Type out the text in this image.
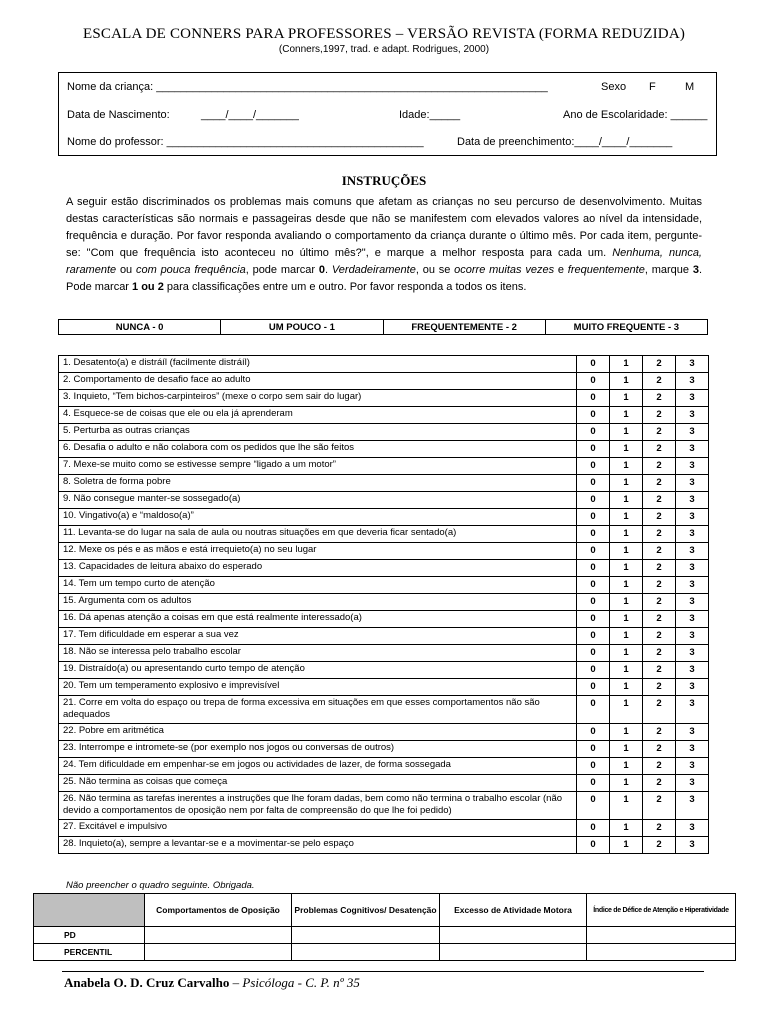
ESCALA DE CONNERS PARA PROFESSORES – VERSÃO REVISTA (FORMA REDUZIDA)
(Conners,1997, trad. e adapt. Rodrigues, 2000)
Nome da criança: ________________________________________________________________	Sexo F	M
Data de Nascimento:	____/____/_______	Idade:_____	Ano de Escolaridade: ______
Nome do professor: __________________________________________	Data de preenchimento:____/____/_______
INSTRUÇÕES
A seguir estão discriminados os problemas mais comuns que afetam as crianças no seu percurso de desenvolvimento. Muitas destas características são normais e passageiras desde que não se manifestem com elevados valores ao nível da intensidade, frequência e duração. Por favor responda avaliando o comportamento da criança durante o último mês. Por cada item, pergunte-se: "Com que frequência isto aconteceu no último mês?", e marque a melhor resposta para cada um. Nenhuma, nunca, raramente ou com pouca frequência, pode marcar 0. Verdadeiramente, ou se ocorre muitas vezes e frequentemente, marque 3. Pode marcar 1 ou 2 para classificações entre um e outro. Por favor responda a todos os itens.
NUNCA - 0	UM POUCO - 1	FREQUENTEMENTE - 2	MUITO FREQUENTE - 3
1. Desatento(a) e distráíl (facilmente distráíl)	0	1	2	3
2. Comportamento de desafio face ao adulto	0	1	2	3
3. Inquieto, “Tem bichos-carpinteiros” (mexe o corpo sem sair do lugar)	0	1	2	3
4. Esquece-se de coisas que ele ou ela já aprenderam	0	1	2	3
5. Perturba as outras crianças	0	1	2	3
6. Desafia o adulto e não colabora com os pedidos que lhe são feitos	0	1	2	3
7. Mexe-se muito como se estivesse sempre “ligado a um motor”	0	1	2	3
8. Soletra de forma pobre	0	1	2	3
9. Não consegue manter-se sossegado(a)	0	1	2	3
10. Vingativo(a) e “maldoso(a)”	0	1	2	3
11. Levanta-se do lugar na sala de aula ou noutras situações em que deveria ficar sentado(a)	0	1	2	3
12. Mexe os pés e as mãos e está irrequieto(a) no seu lugar	0	1	2	3
13. Capacidades de leitura abaixo do esperado	0	1	2	3
14. Tem um tempo curto de atenção	0	1	2	3
15. Argumenta com os adultos	0	1	2	3
16. Dá apenas atenção a coisas em que está realmente interessado(a)	0	1	2	3
17. Tem dificuldade em esperar a sua vez	0	1	2	3
18. Não se interessa pelo trabalho escolar	0	1	2	3
19. Distraído(a) ou apresentando curto tempo de atenção	0	1	2	3
20. Tem um temperamento explosivo e imprevisível	0	1	2	3
21. Corre em volta do espaço ou trepa de forma excessiva em situações em que esses comportamentos não são adequados	0	1	2	3
22. Pobre em aritmética	0	1	2	3
23. Interrompe e intromete-se (por exemplo nos jogos ou conversas de outros)	0	1	2	3
24. Tem dificuldade em empenhar-se em jogos ou actividades de lazer, de forma sossegada	0	1	2	3
25. Não termina as coisas que começa	0	1	2	3
26. Não termina as tarefas inerentes a instruções que lhe foram dadas, bem como não termina o trabalho escolar (não devido a comportamentos de oposição nem por falta de compreensão do que lhe foi pedido)	0	1	2	3
27. Excitável e impulsivo	0	1	2	3
28. Inquieto(a), sempre a levantar-se e a movimentar-se pelo espaço	0	1	2	3
Não preencher o quadro seguinte. Obrigada.
	Comportamentos de Oposição	Problemas Cognitivos/ Desatenção	Excesso de Atividade Motora	Índice de Défice de Atenção e Hiperatividade
PD				
PERCENTIL				
Anabela O. D. Cruz Carvalho – Psicóloga - C. P. nº 35
